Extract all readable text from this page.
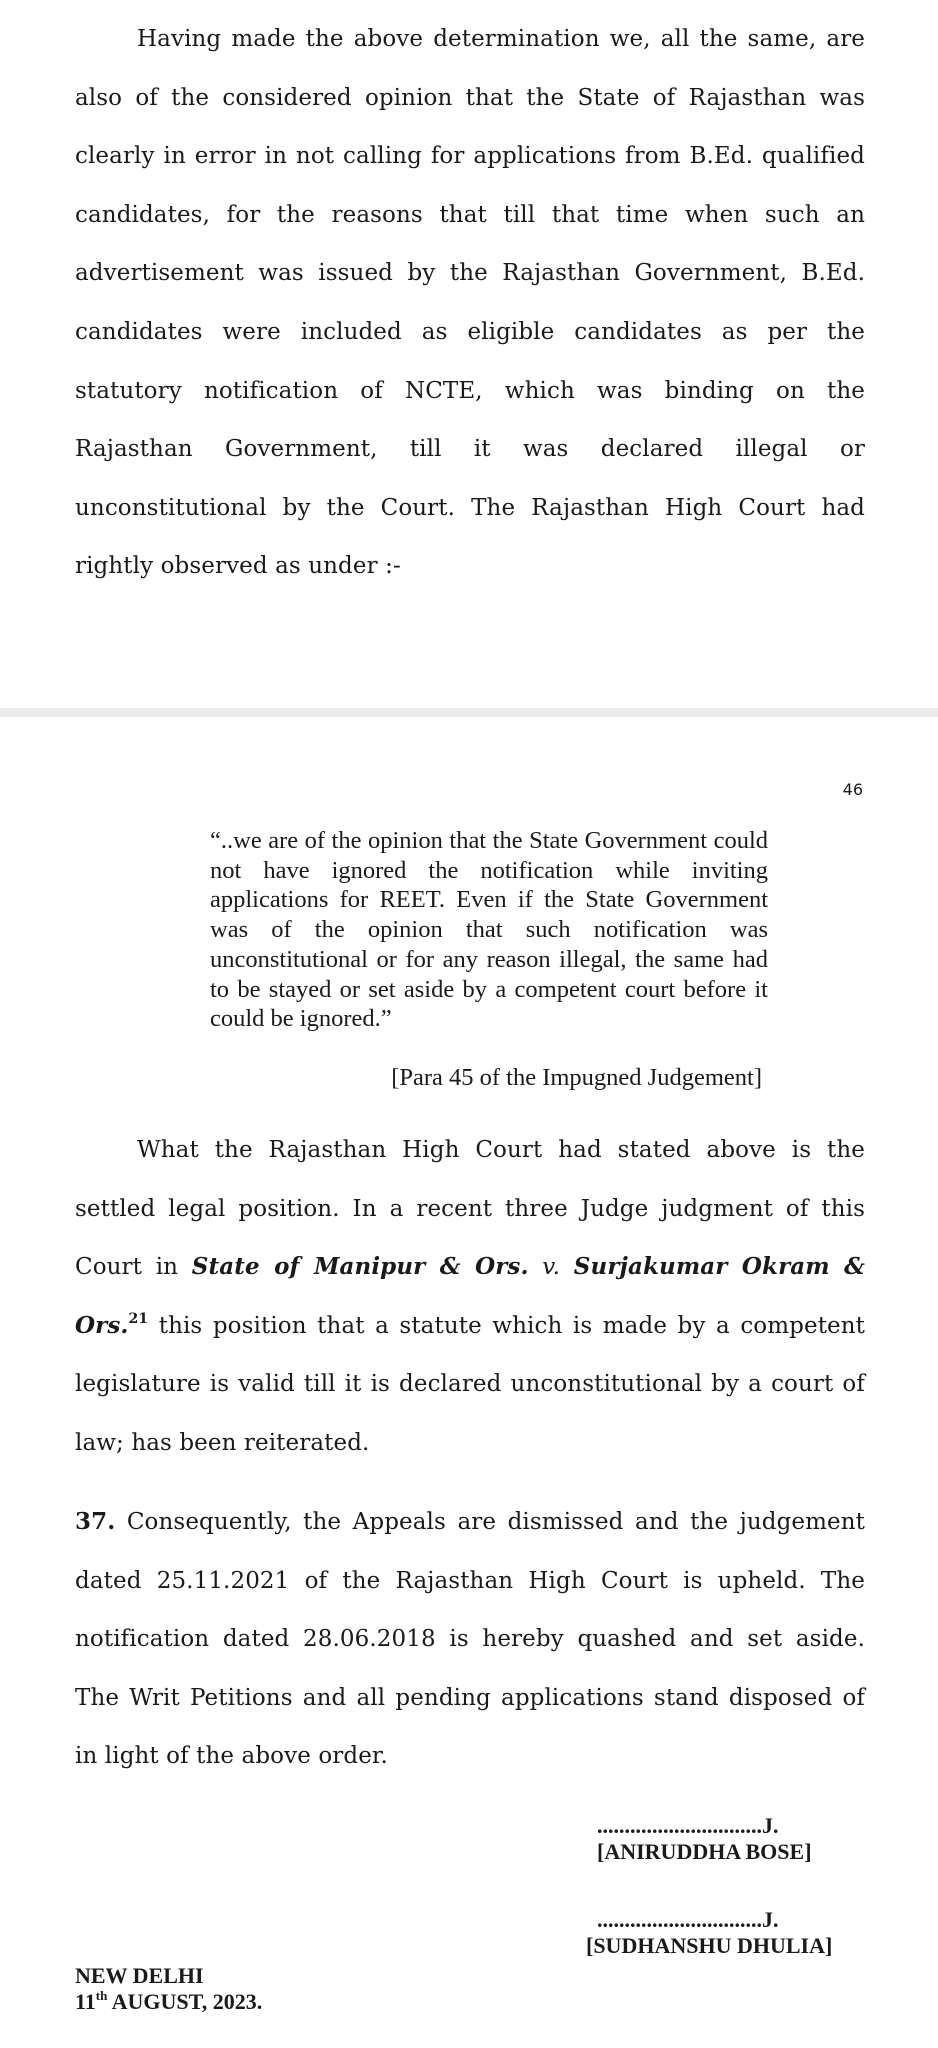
Having made the above determination we, all the same, are also of the considered opinion that the State of Rajasthan was clearly in error in not calling for applications from B.Ed. qualified candidates, for the reasons that till that time when such an advertisement was issued by the Rajasthan Government, B.Ed. candidates were included as eligible candidates as per the statutory notification of NCTE, which was binding on the Rajasthan Government, till it was declared illegal or unconstitutional by the Court. The Rajasthan High Court had rightly observed as under :-

46

“..we are of the opinion that the State Government could not have ignored the notification while inviting applications for REET. Even if the State Government was of the opinion that such notification was unconstitutional or for any reason illegal, the same had to be stayed or set aside by a competent court before it could be ignored.”

[Para 45 of the Impugned Judgement]

What the Rajasthan High Court had stated above is the settled legal position. In a recent three Judge judgment of this Court in State of Manipur & Ors. v. Surjakumar Okram & Ors.$^{21}$ this position that a statute which is made by a competent legislature is valid till it is declared unconstitutional by a court of law; has been reiterated.

37. Consequently, the Appeals are dismissed and the judgement dated 25.11.2021 of the Rajasthan High Court is upheld. The notification dated 28.06.2018 is hereby quashed and set aside. The Writ Petitions and all pending applications stand disposed of in light of the above order.

..............................J.
[ANIRUDDHA BOSE]
..............................J.
[SUDHANSHU DHULIA]
NEW DELHI
11th AUGUST, 2023.
